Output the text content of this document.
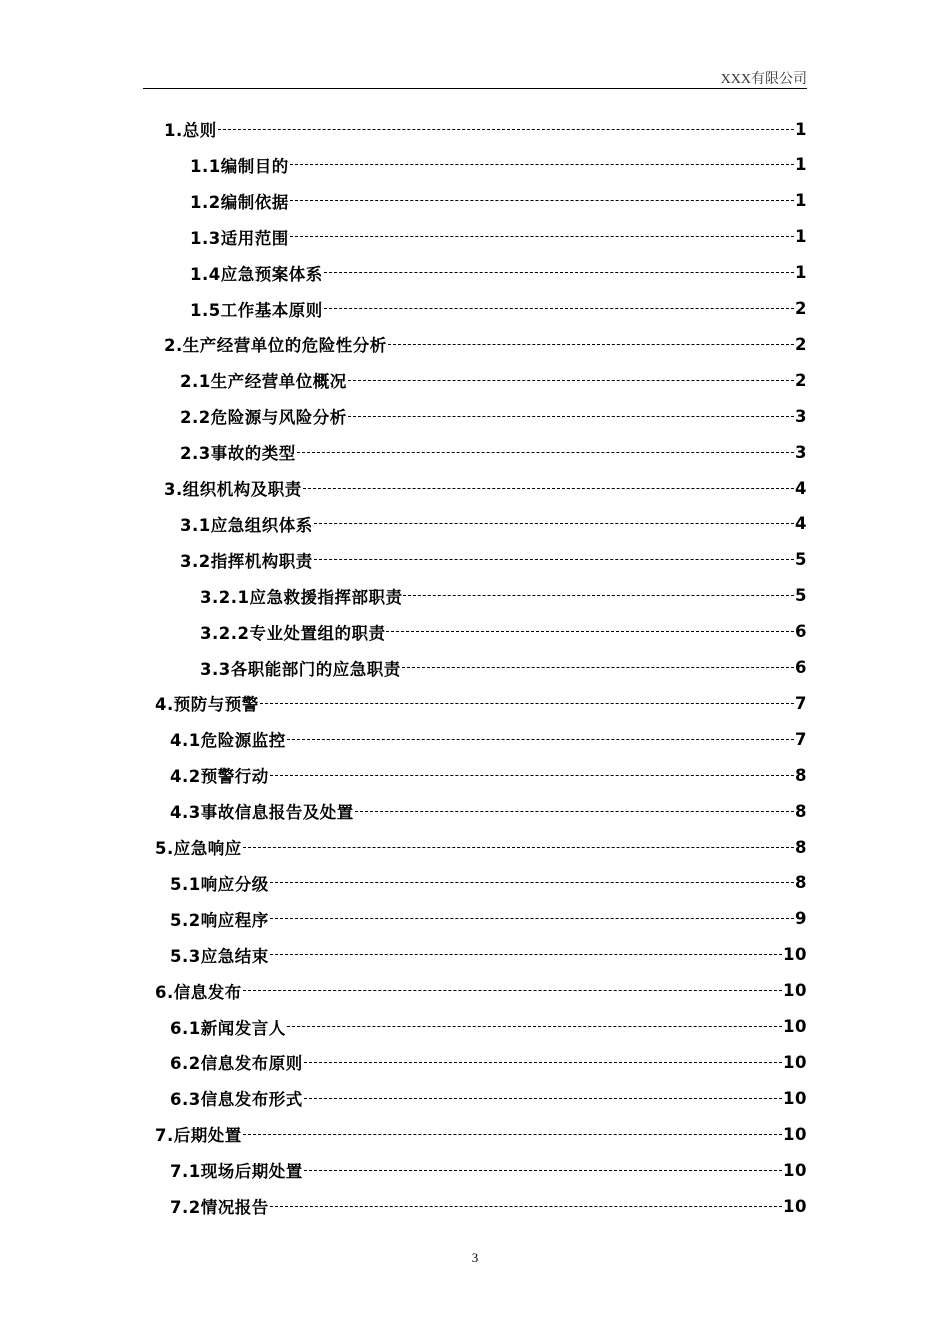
XXX有限公司
1.总则	1
1.1编制目的	1
1.2编制依据	1
1.3适用范围	1
1.4应急预案体系	1
1.5工作基本原则	2
2.生产经营单位的危险性分析	2
2.1生产经营单位概况	2
2.2危险源与风险分析	3
2.3事故的类型	3
3.组织机构及职责	4
3.1应急组织体系	4
3.2指挥机构职责	5
3.2.1应急救援指挥部职责	5
3.2.2专业处置组的职责	6
3.3各职能部门的应急职责	6
4.预防与预警	7
4.1危险源监控	7
4.2预警行动	8
4.3事故信息报告及处置	8
5.应急响应	8
5.1响应分级	8
5.2响应程序	9
5.3应急结束	10
6.信息发布	10
6.1新闻发言人	10
6.2信息发布原则	10
6.3信息发布形式	10
7.后期处置	10
7.1现场后期处置	10
7.2情况报告	10
3
